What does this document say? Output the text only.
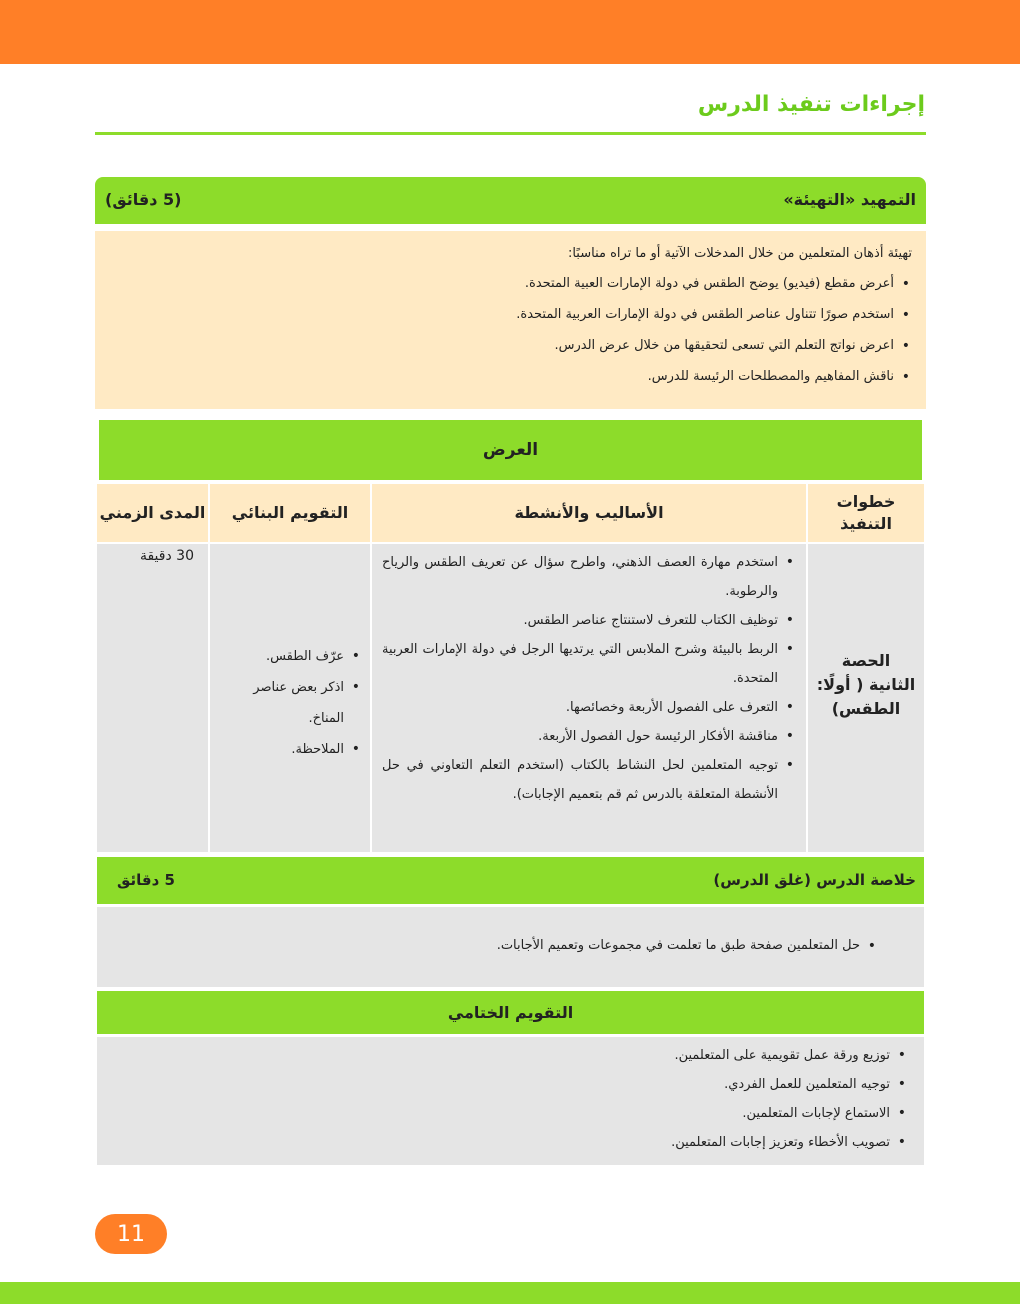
إجراءات تنفيذ الدرس
التمهيد «التهيئة»
(5 دقائق)
تهيئة أذهان المتعلمين من خلال المدخلات الآتية أو ما تراه مناسبًا:
• أعرض مقطع (فيديو) يوضح الطقس في دولة الإمارات العبية المتحدة.
• استخدم صورًا تتناول عناصر الطقس في دولة الإمارات العربية المتحدة.
• اعرض نواتج التعلم التي تسعى لتحقيقها من خلال عرض الدرس.
• ناقش المفاهيم والمصطلحات الرئيسة للدرس.
العرض
خطوات التنفيذ
الحصة الثانية ( أولًا: الطقس)
الأساليب والأنشطة
• استخدم مهارة العصف الذهني، واطرح سؤال عن تعريف الطقس والرياح والرطوبة.
• توظيف الكتاب للتعرف لاستنتاج عناصر الطقس.
• الربط بالبيئة وشرح الملابس التي يرتديها الرجل في دولة الإمارات العربية المتحدة.
• التعرف على الفصول الأربعة وخصائصها.
• مناقشة الأفكار الرئيسة حول الفصول الأربعة.
• توجيه المتعلمين لحل النشاط بالكتاب (استخدم التعلم التعاوني في حل الأنشطة المتعلقة بالدرس ثم قم بتعميم الإجابات).
التقويم البنائي
• عرّف الطقس.
• اذكر بعض عناصر المناخ.
• الملاحظة.
المدى الزمني
30 دقيقة
خلاصة الدرس (غلق الدرس)
5 دقائق
• حل المتعلمين صفحة طبق ما تعلمت في مجموعات وتعميم الأجابات.
التقويم الختامي
• توزيع ورقة عمل تقويمية على المتعلمين.
• توجيه المتعلمين للعمل الفردي.
• الاستماع لإجابات المتعلمين.
• تصويب الأخطاء وتعزيز إجابات المتعلمين.
11
